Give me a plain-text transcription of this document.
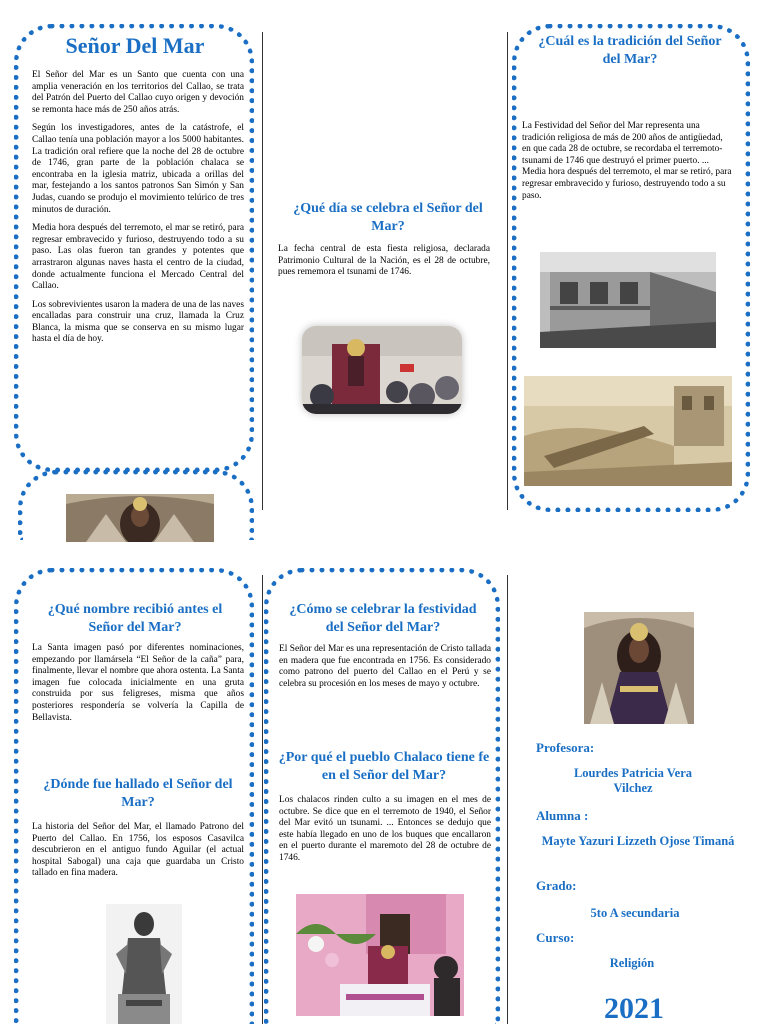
Señor Del Mar

El Señor del Mar es un Santo que cuenta con una amplia veneración en los territorios del Callao, se trata del Patrón del Puerto del Callao cuyo origen y devoción se remonta hace más de 250 años atrás.

Según los investigadores, antes de la catástrofe, el Callao tenía una población mayor a los 5000 habitantes. La tradición oral refiere que la noche del 28 de octubre de 1746, gran parte de la población chalaca se encontraba en la iglesia matriz, ubicada a orillas del mar, festejando a los santos patronos San Simón y San Judas, cuando se produjo el movimiento telúrico de tres minutos de duración.

Media hora después del terremoto, el mar se retiró, para regresar embravecido y furioso, destruyendo todo a su paso. Las olas fueron tan grandes y potentes que arrastraron algunas naves hasta el centro de la ciudad, donde actualmente funciona el Mercado Central del Callao.

Los sobrevivientes usaron la madera de una de las naves encalladas para construir una cruz, llamada la Cruz Blanca, la misma que se conserva en su mismo lugar hasta el día de hoy.

¿Qué día se celebra el Señor del Mar?
La fecha central de esta fiesta religiosa, declarada Patrimonio Cultural de la Nación, es el 28 de octubre, pues rememora el tsunami de 1746.
¿Cuál es la tradición del Señor del Mar?
La Festividad del Señor del Mar representa una tradición religiosa de más de 200 años de antigüedad, en que cada 28 de octubre, se recordaba el terremoto-tsunami de 1746 que destruyó el primer puerto. ... Media hora después del terremoto, el mar se retiró, para regresar embravecido y furioso, destruyendo todo a su paso.
¿Qué nombre recibió antes el Señor del Mar?
La Santa imagen pasó por diferentes nominaciones, empezando por llamársela “El Señor de la caña” para, finalmente, llevar el nombre que ahora ostenta. La Santa imagen fue colocada inicialmente en una gruta construida por sus feligreses, misma que años posteriores respondería se volvería la Capilla de Bellavista.
¿Dónde fue hallado el Señor del Mar?
La historia del Señor del Mar, el llamado Patrono del Puerto del Callao. En 1756, los esposos Casavilca descubrieron en el antiguo fundo Aguilar (el actual hospital Sabogal) una caja que guardaba un Cristo tallado en fina madera.
¿Cómo se celebrar la festividad del Señor del Mar?
El Señor del Mar es una representación de Cristo tallada en madera que fue encontrada en 1756. Es considerado como patrono del puerto del Callao en el Perú y se celebra su procesión en los meses de mayo y octubre.
¿Por qué el pueblo Chalaco tiene fe en el Señor del Mar?
Los chalacos rinden culto a su imagen en el mes de octubre. Se dice que en el terremoto de 1940, el Señor del Mar evitó un tsunami. ... Entonces se dedujo que este había llegado en uno de los buques que encallaron en el puerto durante el maremoto del 28 de octubre de 1746.
Profesora:
Lourdes Patricia Vera Vilchez
Alumna :
Mayte Yazuri Lizzeth Ojose Timaná
Grado:
5to A secundaria
Curso:
Religión
2021
